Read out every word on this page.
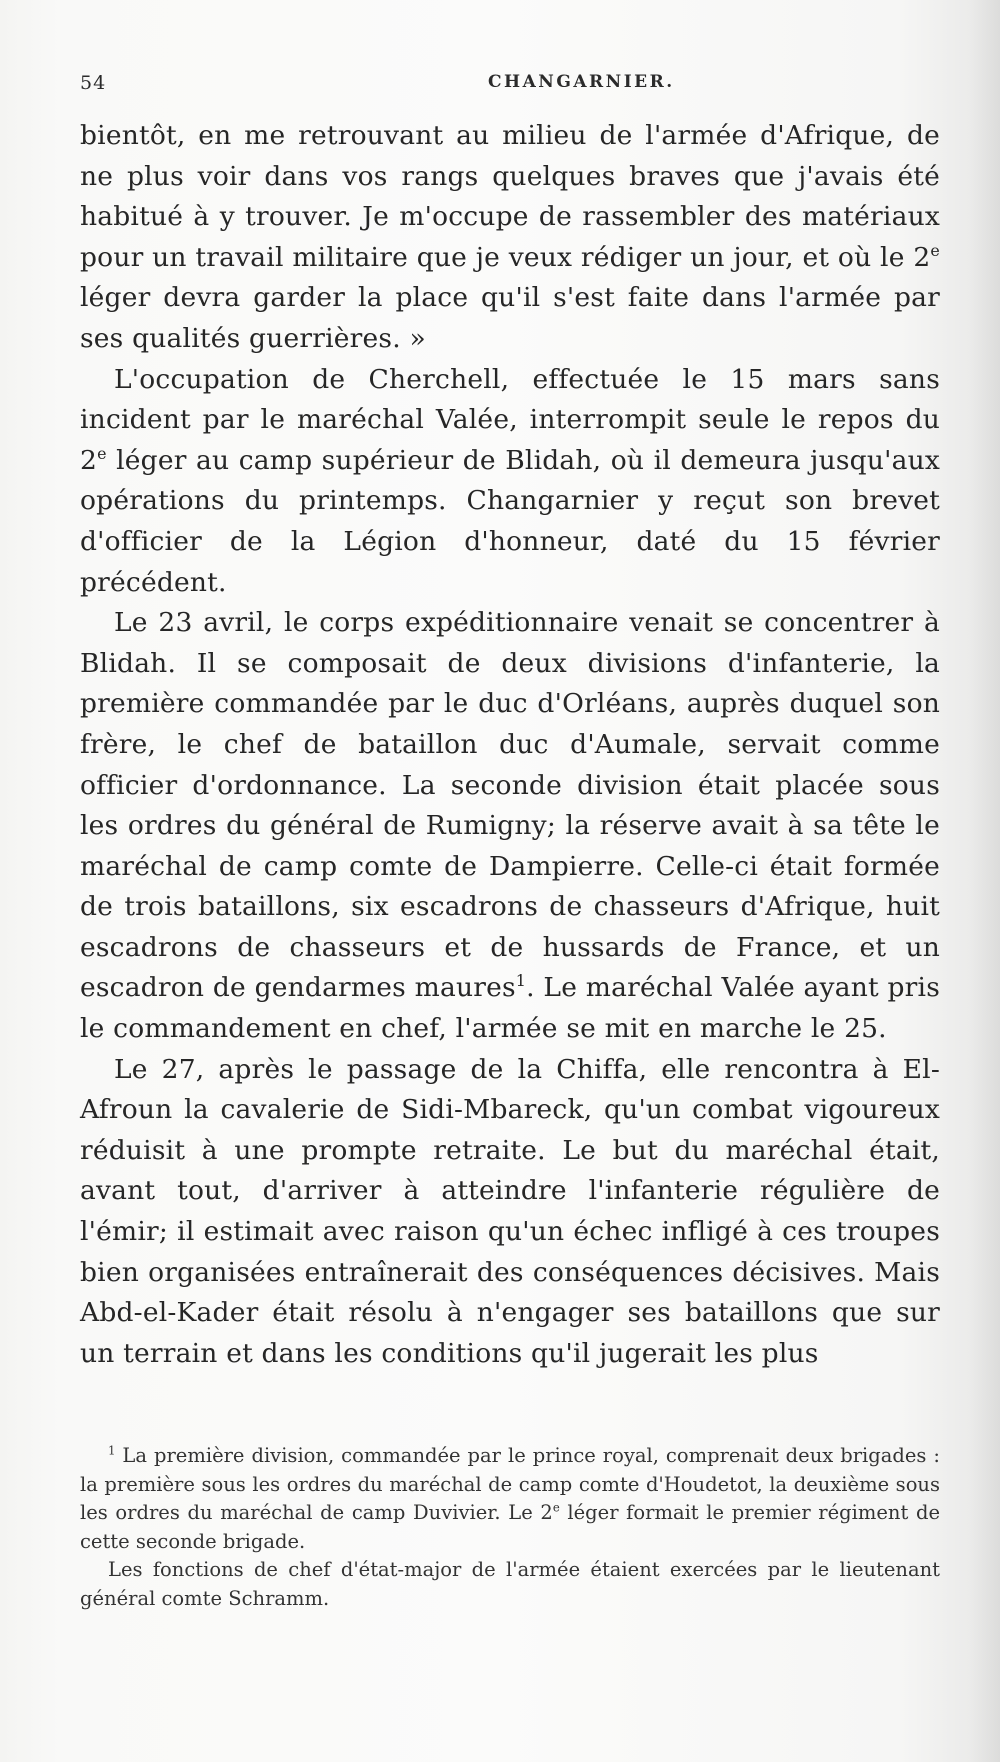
54	CHANGARNIER.

bientôt, en me retrouvant au milieu de l'armée d'Afrique, de ne plus voir dans vos rangs quelques braves que j'avais été habitué à y trouver. Je m'occupe de rassembler des matériaux pour un travail militaire que je veux rédiger un jour, et où le 2e léger devra garder la place qu'il s'est faite dans l'armée par ses qualités guerrières. »

L'occupation de Cherchell, effectuée le 15 mars sans incident par le maréchal Valée, interrompit seule le repos du 2e léger au camp supérieur de Blidah, où il demeura jusqu'aux opérations du printemps. Changarnier y reçut son brevet d'officier de la Légion d'honneur, daté du 15 février précédent.

Le 23 avril, le corps expéditionnaire venait se concentrer à Blidah. Il se composait de deux divisions d'infanterie, la première commandée par le duc d'Orléans, auprès duquel son frère, le chef de bataillon duc d'Aumale, servait comme officier d'ordonnance. La seconde division était placée sous les ordres du général de Rumigny; la réserve avait à sa tête le maréchal de camp comte de Dampierre. Celle-ci était formée de trois bataillons, six escadrons de chasseurs d'Afrique, huit escadrons de chasseurs et de hussards de France, et un escadron de gendarmes maures$^1$. Le maréchal Valée ayant pris le commandement en chef, l'armée se mit en marche le 25.

Le 27, après le passage de la Chiffa, elle rencontra à El-Afroun la cavalerie de Sidi-Mbareck, qu'un combat vigoureux réduisit à une prompte retraite. Le but du maréchal était, avant tout, d'arriver à atteindre l'infanterie régulière de l'émir; il estimait avec raison qu'un échec infligé à ces troupes bien organisées entraînerait des conséquences décisives. Mais Abd-el-Kader était résolu à n'engager ses bataillons que sur un terrain et dans les conditions qu'il jugerait les plus

$^1$ La première division, commandée par le prince royal, comprenait deux brigades : la première sous les ordres du maréchal de camp comte d'Houdetot, la deuxième sous les ordres du maréchal de camp Duvivier. Le 2e léger formait le premier régiment de cette seconde brigade.

Les fonctions de chef d'état-major de l'armée étaient exercées par le lieutenant général comte Schramm.
